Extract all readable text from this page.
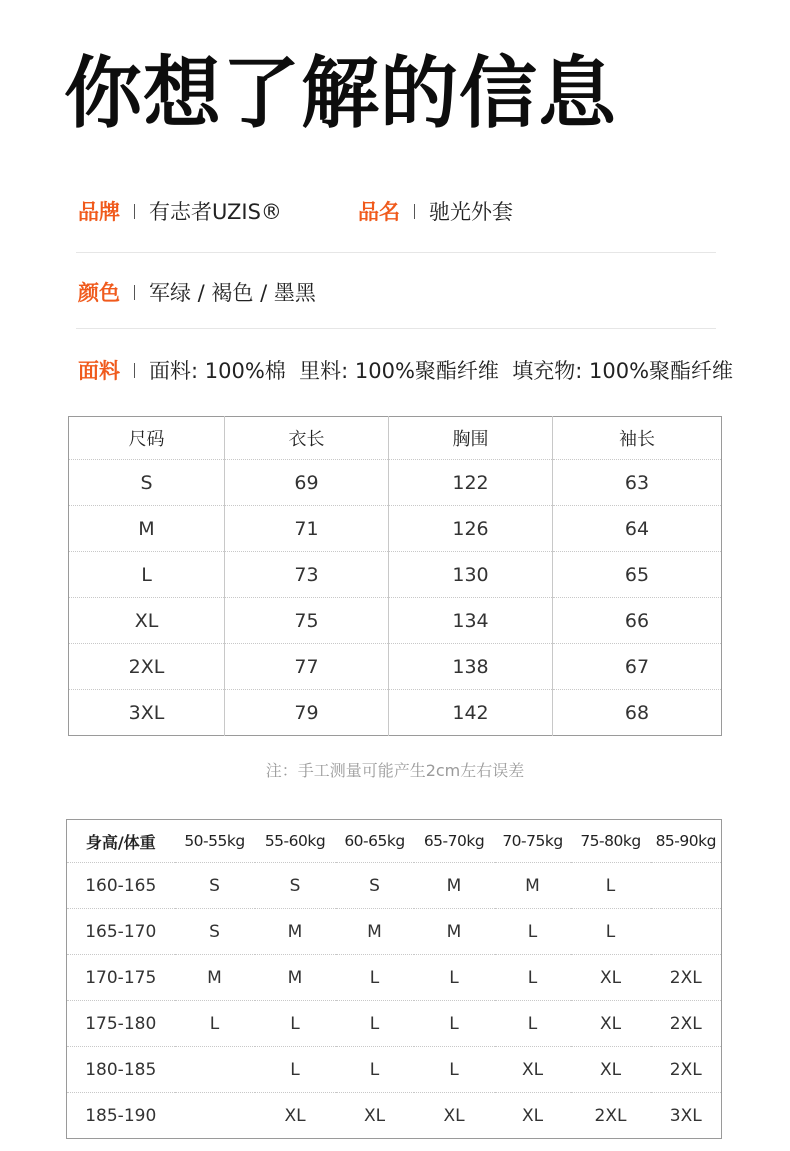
你想了解的信息
品牌 有志者UZIS®	品名 驰光外套
颜色 军绿 / 褐色 / 墨黑
面料 面料: 100%棉  里料: 100%聚酯纤维  填充物: 100%聚酯纤维
尺码	衣长	胸围	袖长
S	69	122	63
M	71	126	64
L	73	130	65
XL	75	134	66
2XL	77	138	67
3XL	79	142	68
注：手工测量可能产生2cm左右误差
身高/体重	50-55kg	55-60kg	60-65kg	65-70kg	70-75kg	75-80kg	85-90kg
160-165	S	S	S	M	M	L	
165-170	S	M	M	M	L	L	
170-175	M	M	L	L	L	XL	2XL
175-180	L	L	L	L	L	XL	2XL
180-185		L	L	L	XL	XL	2XL
185-190		XL	XL	XL	XL	2XL	3XL
